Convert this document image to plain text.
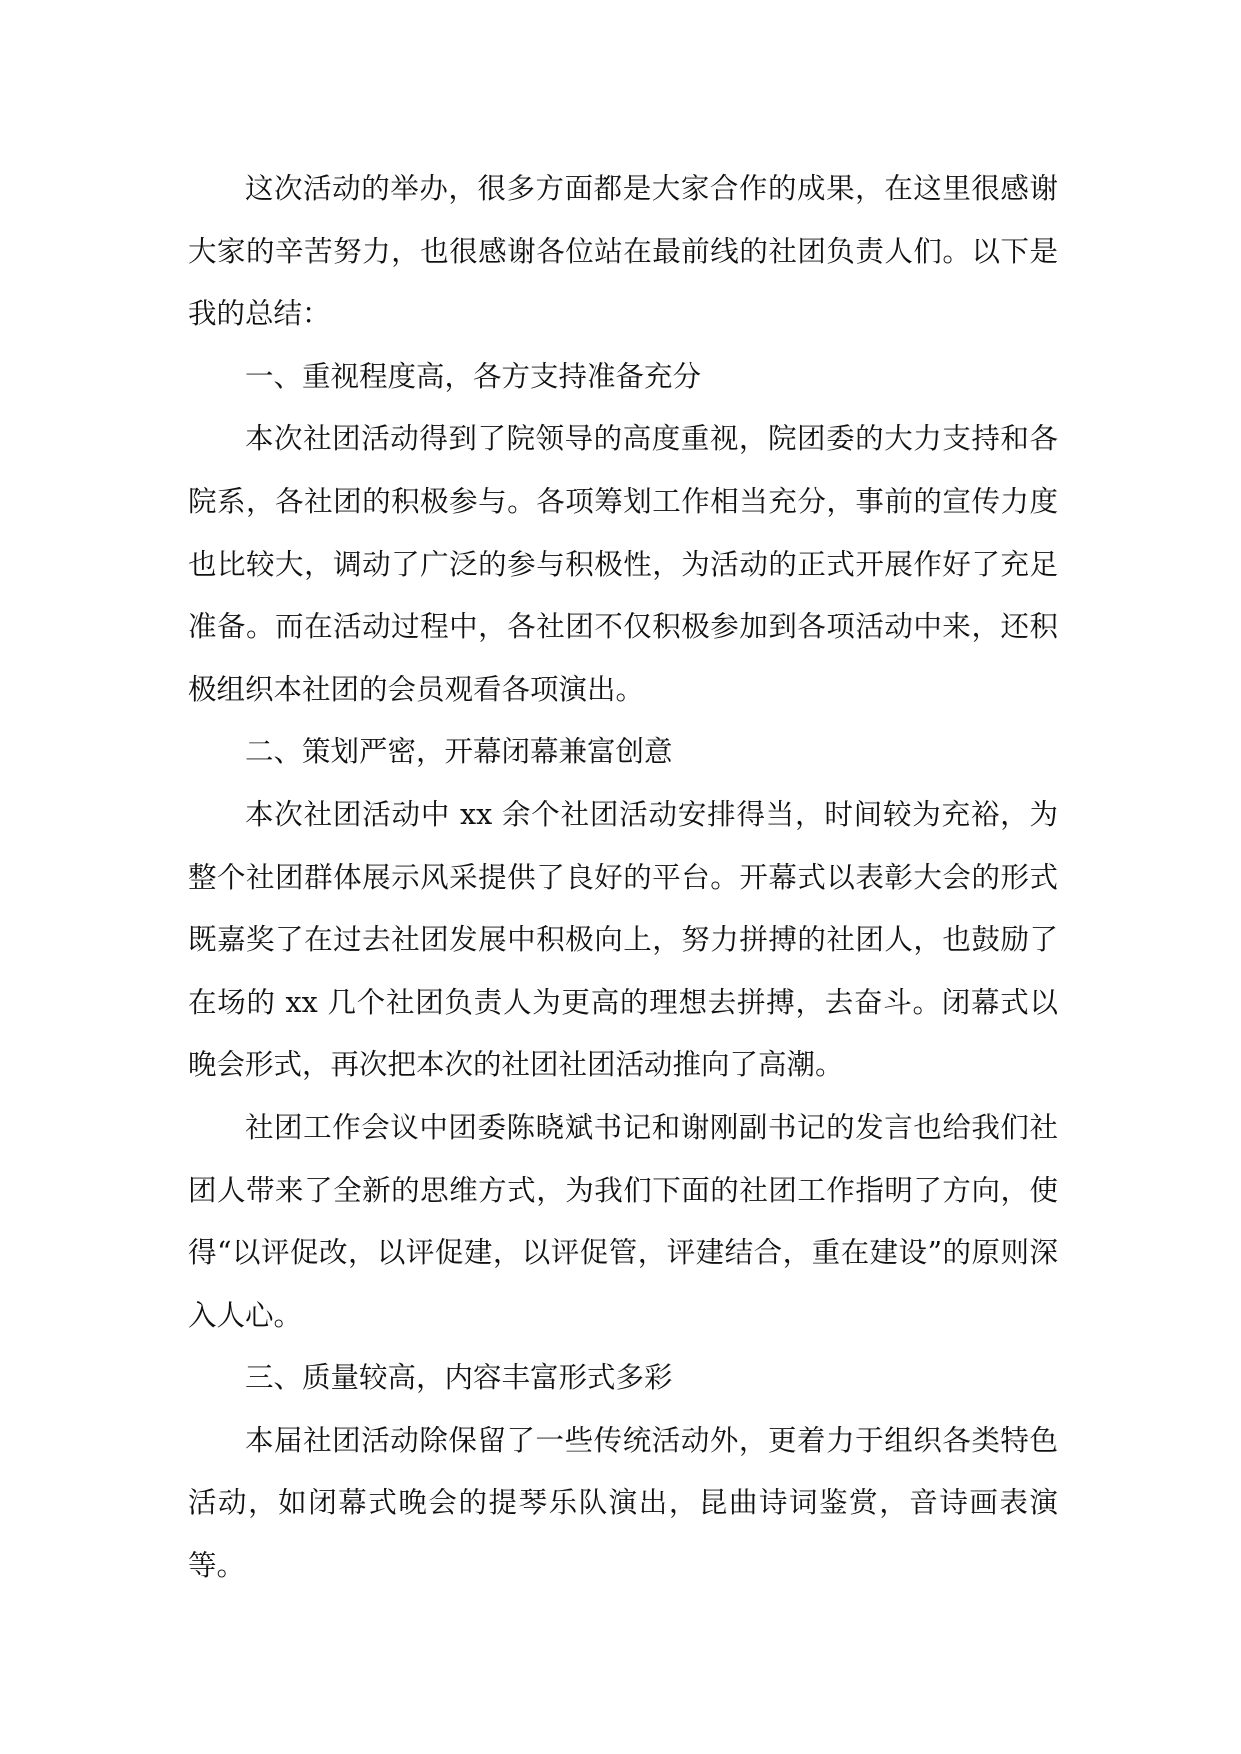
这次活动的举办，很多方面都是大家合作的成果，在这里很感谢大家的辛苦努力，也很感谢各位站在最前线的社团负责人们。以下是我的总结：

一、重视程度高，各方支持准备充分

本次社团活动得到了院领导的高度重视，院团委的大力支持和各院系，各社团的积极参与。各项筹划工作相当充分，事前的宣传力度也比较大，调动了广泛的参与积极性，为活动的正式开展作好了充足准备。而在活动过程中，各社团不仅积极参加到各项活动中来，还积极组织本社团的会员观看各项演出。

二、策划严密，开幕闭幕兼富创意

本次社团活动中 xx 余个社团活动安排得当，时间较为充裕，为整个社团群体展示风采提供了良好的平台。开幕式以表彰大会的形式既嘉奖了在过去社团发展中积极向上，努力拼搏的社团人，也鼓励了在场的 xx 几个社团负责人为更高的理想去拼搏，去奋斗。闭幕式以晚会形式，再次把本次的社团社团活动推向了高潮。

社团工作会议中团委陈晓斌书记和谢刚副书记的发言也给我们社团人带来了全新的思维方式，为我们下面的社团工作指明了方向，使得“以评促改，以评促建，以评促管，评建结合，重在建设”的原则深入人心。

三、质量较高，内容丰富形式多彩

本届社团活动除保留了一些传统活动外，更着力于组织各类特色活动，如闭幕式晚会的提琴乐队演出，昆曲诗词鉴赏，音诗画表演等。
